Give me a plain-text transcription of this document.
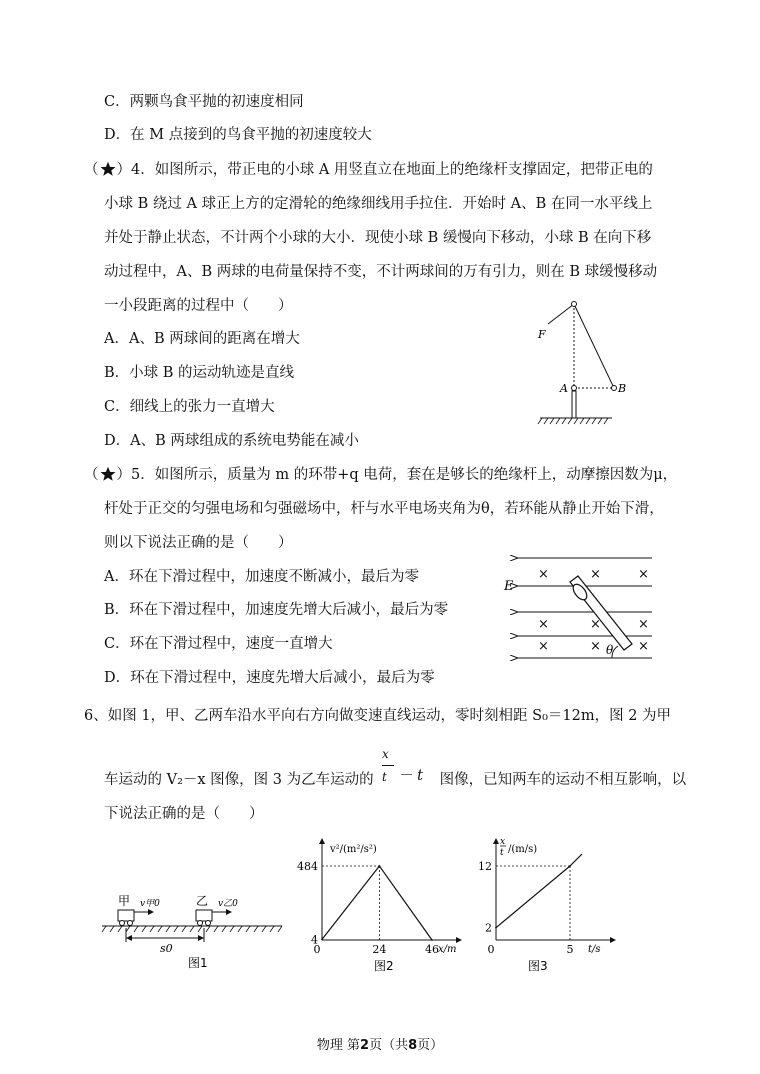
C．两颗鸟食平抛的初速度相同
D．在 M 点接到的鸟食平抛的初速度较大
（ ）4．如图所示，带正电的小球 A 用竖直立在地面上的绝缘杆支撑固定，把带正电的
小球 B 绕过 A 球正上方的定滑轮的绝缘细线用手拉住．开始时 A、B 在同一水平线上
并处于静止状态，不计两个小球的大小．现使小球 B 缓慢向下移动，小球 B 在向下移
动过程中，A、B 两球的电荷量保持不变，不计两球间的万有引力，则在 B 球缓慢移动
一小段距离的过程中（　　）
A．A、B 两球间的距离在增大
B．小球 B 的运动轨迹是直线
C．细线上的张力一直增大
D．A、B 两球组成的系统电势能在减小
F
A	B
（ ）5．如图所示，质量为 m 的环带+q 电荷，套在是够长的绝缘杆上，动摩擦因数为μ，
杆处于正交的匀强电场和匀强磁场中，杆与水平电场夹角为θ，若环能从静止开始下滑，
则以下说法正确的是（　　）
A．环在下滑过程中，加速度不断减小，最后为零
B．环在下滑过程中，加速度先增大后减小，最后为零
C．环在下滑过程中，速度一直增大
D．环在下滑过程中，速度先增大后减小，最后为零
E
×	×	×
×	×	×
×	×	×
θ
6、如图 1，甲、乙两车沿水平向右方向做变速直线运动，零时刻相距 S₀＝12m，图 2 为甲
车运动的 V₂－x 图像，图 3 为乙车运动的	图像，已知两车的运动不相互影响，以
x
t － t
下说法正确的是（　　）
甲	乙
v甲0	v乙0
s0
图1
v²/(m²/s²)
x/m
484
4
0	24	46
图2
x
t /(m/s)
t/s
12
2
0	5
图3
物理 第2页（共8页）
